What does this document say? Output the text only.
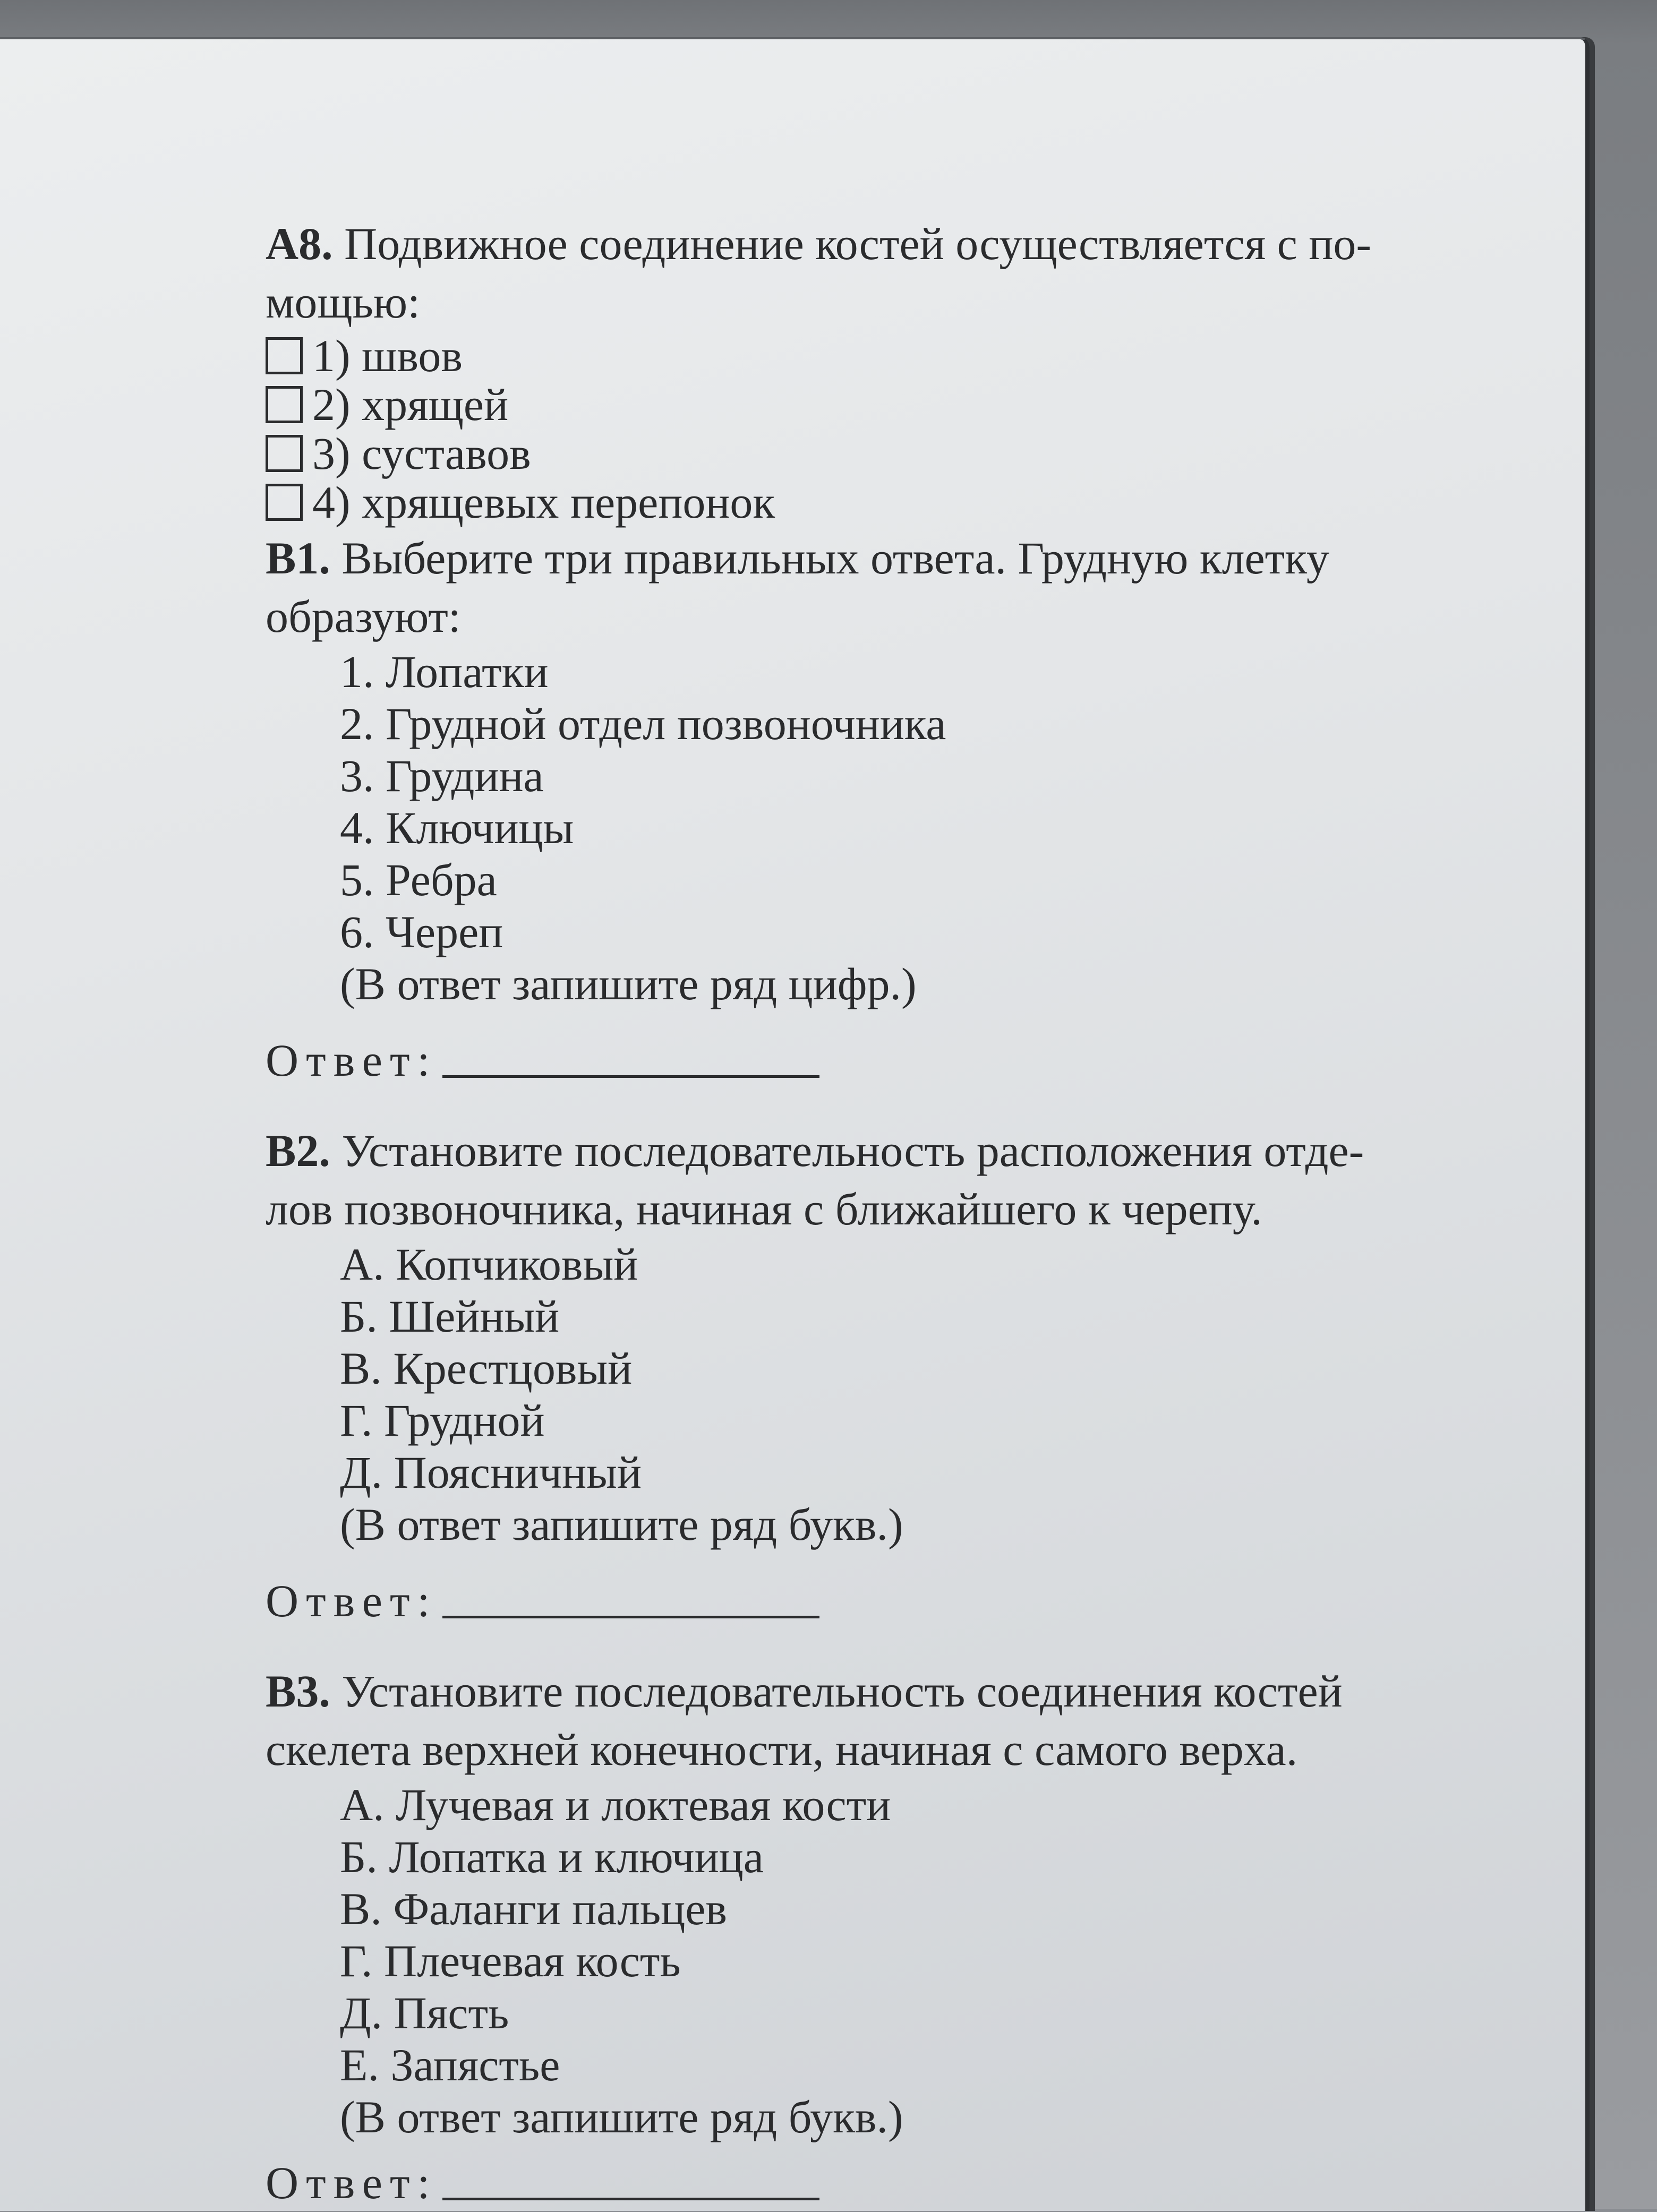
А8. Подвижное соединение костей осуществляется с по-

мощью:

1) швов
2) хрящей
3) суставов
4) хрящевых перепонок

В1. Выберите три правильных ответа. Грудную клетку

образуют:

1. Лопатки
2. Грудной отдел позвоночника
3. Грудина
4. Ключицы
5. Ребра
6. Череп
(В ответ запишите ряд цифр.)
Ответ:

В2. Установите последовательность расположения отде-

лов позвоночника, начиная с ближайшего к черепу.

А. Копчиковый
Б. Шейный
В. Крестцовый
Г. Грудной
Д. Поясничный
(В ответ запишите ряд букв.)
Ответ:

В3. Установите последовательность соединения костей

скелета верхней конечности, начиная с самого верха.

А. Лучевая и локтевая кости
Б. Лопатка и ключица
В. Фаланги пальцев
Г. Плечевая кость
Д. Пясть
Е. Запястье
(В ответ запишите ряд букв.)
Ответ:
